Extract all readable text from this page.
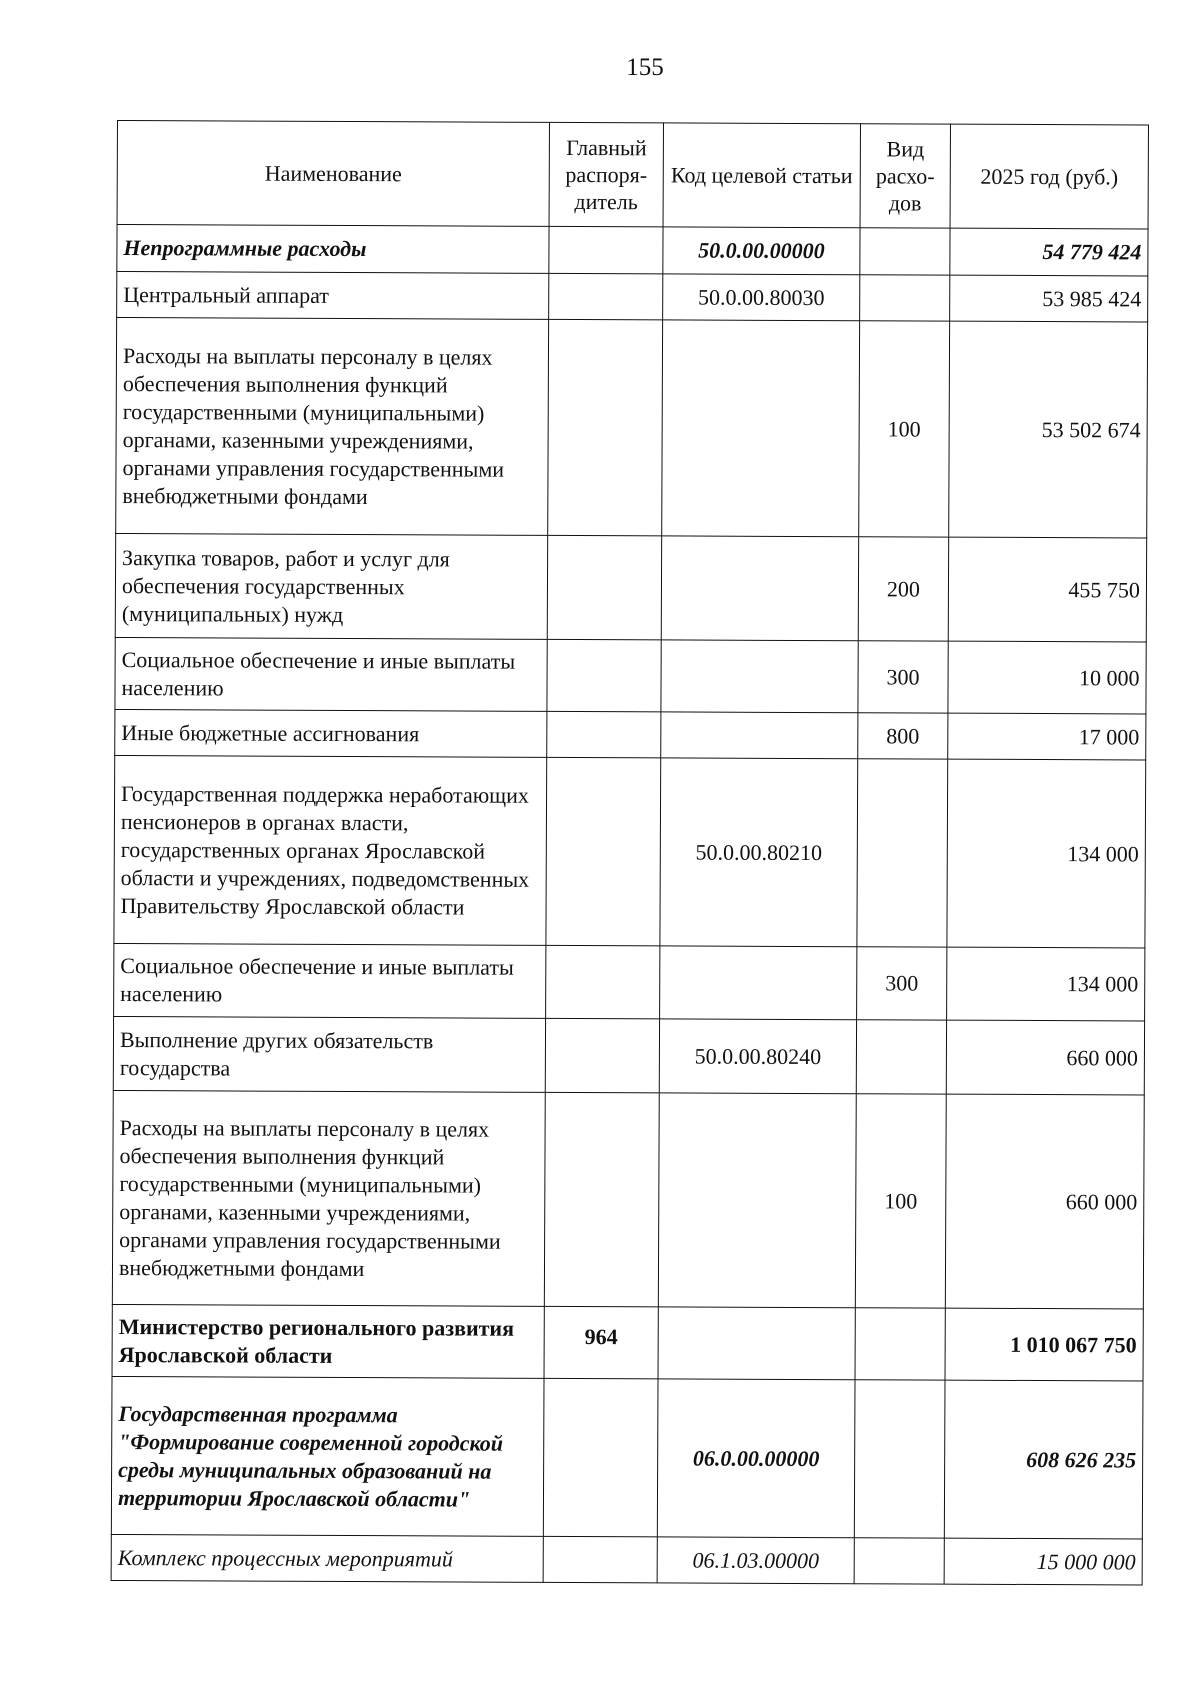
155
Наименование	Главный распоря-дитель	Код целевой статьи	Вид расхо-дов	2025 год (руб.)
Непрограммные расходы		50.0.00.00000		54 779 424
Центральный аппарат		50.0.00.80030		53 985 424
Расходы на выплаты персоналу в целях обеспечения выполнения функций государственными (муниципальными) органами, казенными учреждениями, органами управления государственными внебюджетными фондами			100	53 502 674
Закупка товаров, работ и услуг для обеспечения государственных (муниципальных) нужд			200	455 750
Социальное обеспечение и иные выплаты населению			300	10 000
Иные бюджетные ассигнования			800	17 000
Государственная поддержка неработающих пенсионеров в органах власти, государственных органах Ярославской области и учреждениях, подведомственных Правительству Ярославской области		50.0.00.80210		134 000
Социальное обеспечение и иные выплаты населению			300	134 000
Выполнение других обязательств государства		50.0.00.80240		660 000
Расходы на выплаты персоналу в целях обеспечения выполнения функций государственными (муниципальными) органами, казенными учреждениями, органами управления государственными внебюджетными фондами			100	660 000
Министерство регионального развития Ярославской области	964			1 010 067 750
Государственная программа "Формирование современной городской среды муниципальных образований на территории Ярославской области"		06.0.00.00000		608 626 235
Комплекс процессных мероприятий		06.1.03.00000		15 000 000
